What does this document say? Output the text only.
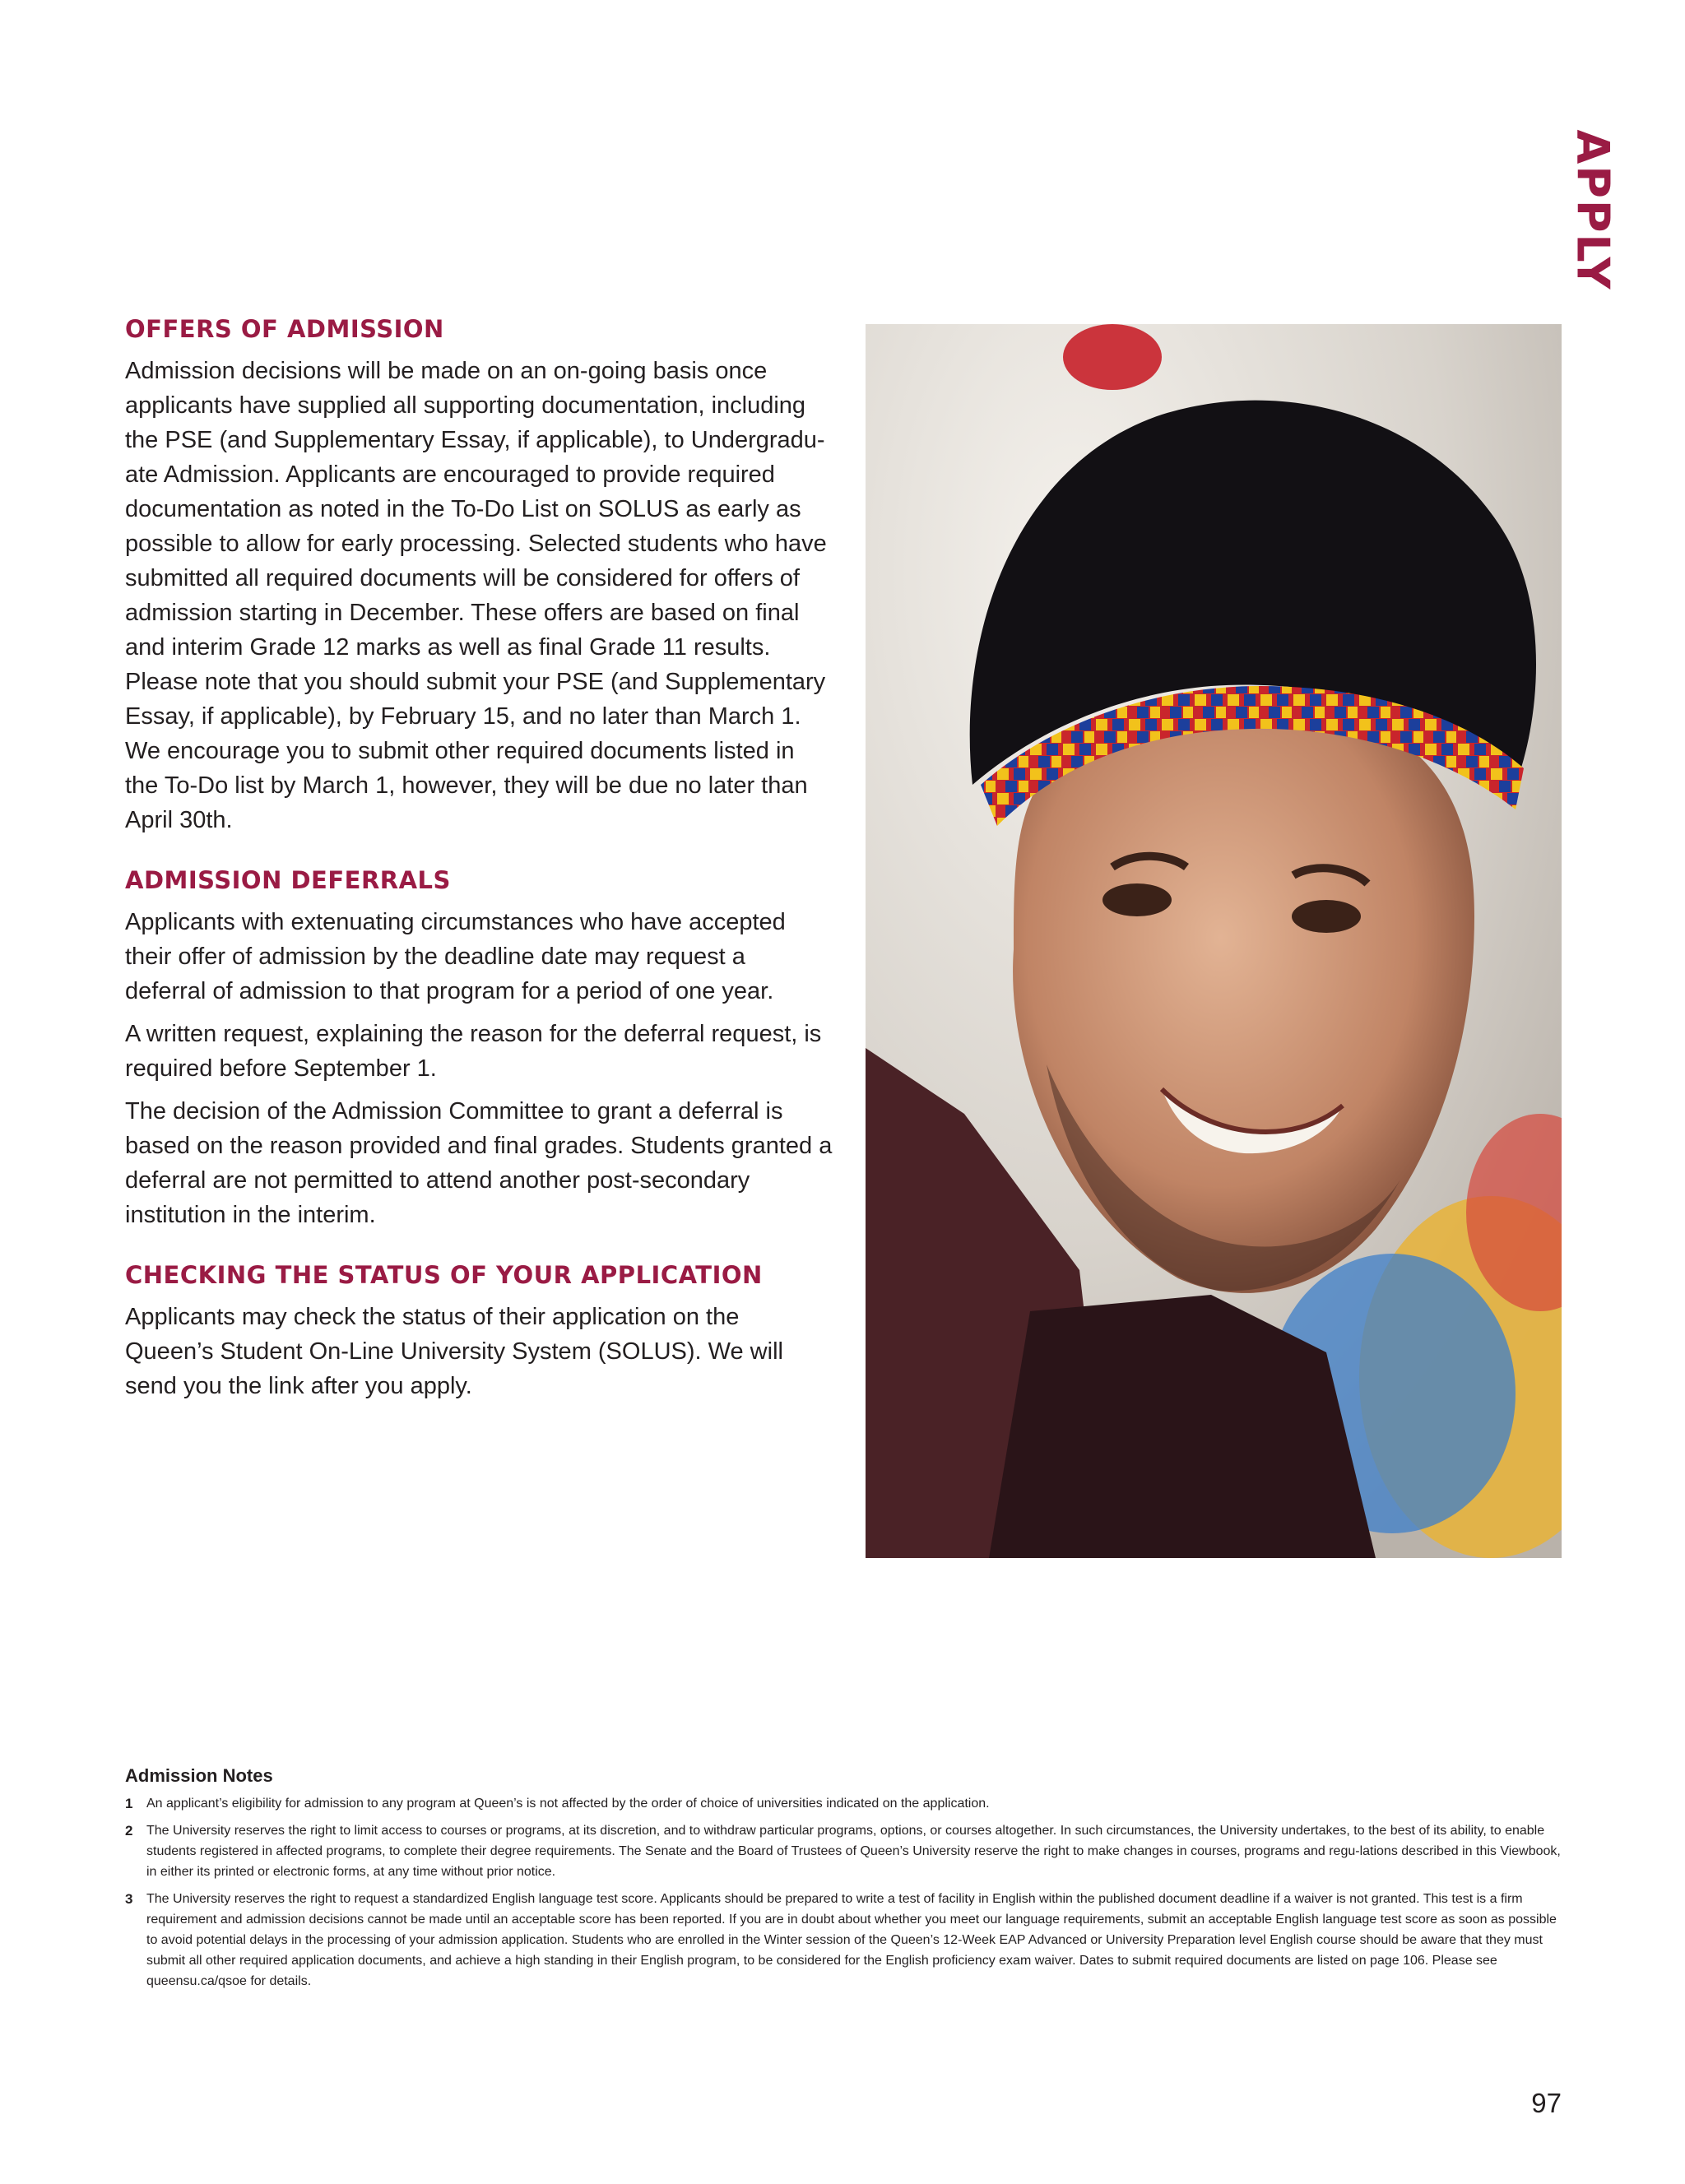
APPLY
OFFERS OF ADMISSION

Admission decisions will be made on an on-going basis once applicants have supplied all supporting documentation, including the PSE (and Supplementary Essay, if applicable), to Undergradu-ate Admission. Applicants are encouraged to provide required documentation as noted in the To-Do List on SOLUS as early as possible to allow for early processing. Selected students who have submitted all required documents will be considered for offers of admission starting in December. These offers are based on final and interim Grade 12 marks as well as final Grade 11 results. Please note that you should submit your PSE (and Supplementary Essay, if applicable), by February 15, and no later than March 1. We encourage you to submit other required documents listed in the To-Do list by March 1, however, they will be due no later than April 30th.

ADMISSION DEFERRALS

Applicants with extenuating circumstances who have accepted their offer of admission by the deadline date may request a deferral of admission to that program for a period of one year.

A written request, explaining the reason for the deferral request, is required before September 1.

The decision of the Admission Committee to grant a deferral is based on the reason provided and final grades. Students granted a deferral are not permitted to attend another post-secondary institution in the interim.

CHECKING THE STATUS OF YOUR APPLICATION

Applicants may check the status of their application on the Queen’s Student On-Line University System (SOLUS). We will send you the link after you apply.

Admission Notes
1 An applicant’s eligibility for admission to any program at Queen’s is not affected by the order of choice of universities indicated on the application.
2 The University reserves the right to limit access to courses or programs, at its discretion, and to withdraw particular programs, options, or courses altogether. In such circumstances, the University undertakes, to the best of its ability, to enable students registered in affected programs, to complete their degree requirements. The Senate and the Board of Trustees of Queen’s University reserve the right to make changes in courses, programs and regu-lations described in this Viewbook, in either its printed or electronic forms, at any time without prior notice.
3 The University reserves the right to request a standardized English language test score. Applicants should be prepared to write a test of facility in English within the published document deadline if a waiver is not granted. This test is a firm requirement and admission decisions cannot be made until an acceptable score has been reported. If you are in doubt about whether you meet our language requirements, submit an acceptable English language test score as soon as possible to avoid potential delays in the processing of your admission application. Students who are enrolled in the Winter session of the Queen’s 12-Week EAP Advanced or University Preparation level English course should be aware that they must submit all other required application documents, and achieve a high standing in their English program, to be considered for the English proficiency exam waiver. Dates to submit required documents are listed on page 106. Please see queensu.ca/qsoe for details.
97
